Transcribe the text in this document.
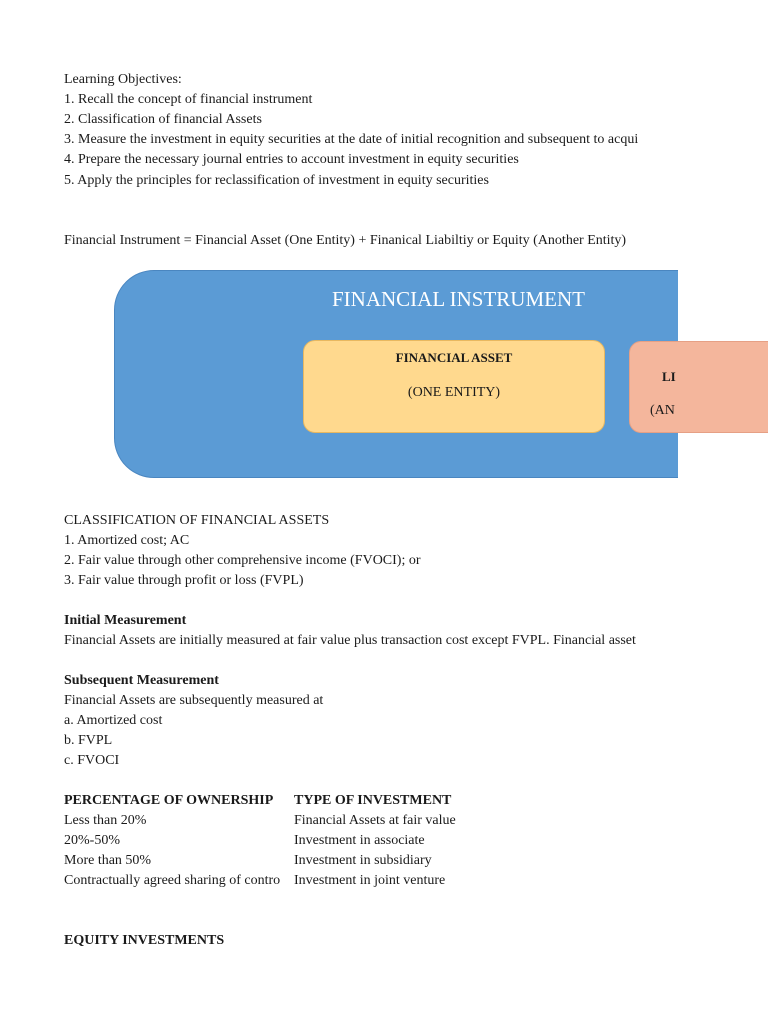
Learning Objectives:
1. Recall the concept of financial instrument
2. Classification of financial Assets
3. Measure the investment in equity securities at the date of initial recognition and subsequent to acqui
4. Prepare the necessary journal entries to account investment in equity securities
5. Apply the principles for reclassification of investment in equity securities
Financial Instrument = Financial Asset (One Entity) + Finanical Liabiltiy or Equity (Another Entity)
FINANCIAL INSTRUMENT
FINANCIAL ASSET
(ONE ENTITY)
CLASSIFICATION OF FINANCIAL ASSETS
1. Amortized cost; AC
2. Fair value through other comprehensive income (FVOCI); or
3. Fair value through profit or loss (FVPL)
Initial Measurement
Financial Assets are initially measured at fair value plus transaction cost except FVPL. Financial asset
Subsequent Measurement
Financial Assets are subsequently measured at
a. Amortized cost
b. FVPL
c. FVOCI
PERCENTAGE OF OWNERSHIP TYPE OF INVESTMENT
Less than 20%	Financial Assets at fair value
20%-50%	Investment in associate
More than 50%	Investment in subsidiary
Contractually agreed sharing of contro Investment in joint venture
EQUITY INVESTMENTS
LI
(AN
